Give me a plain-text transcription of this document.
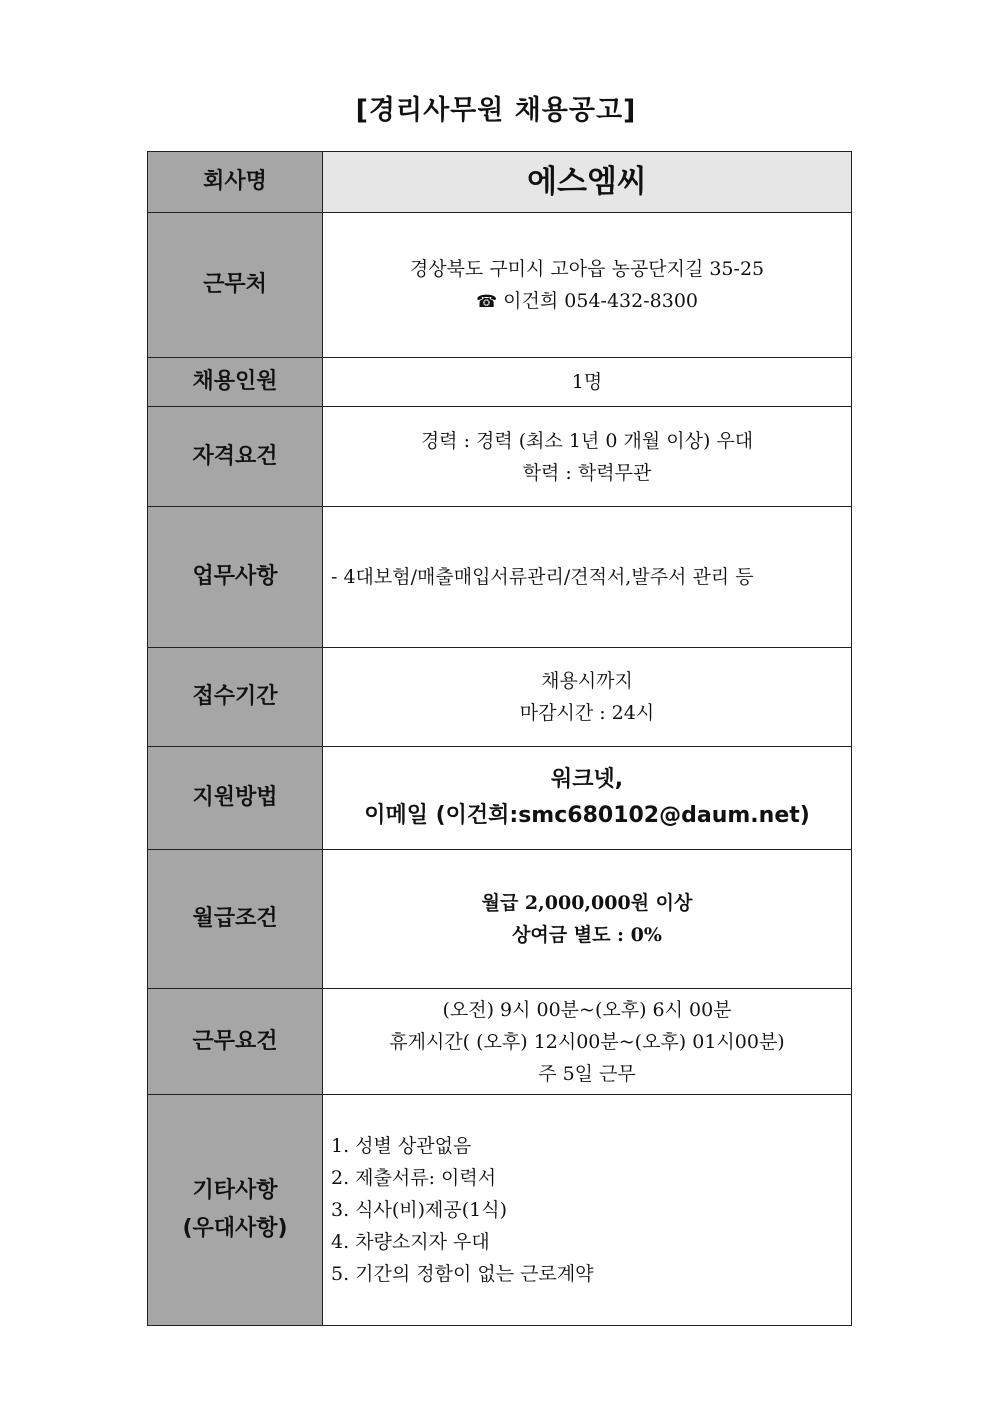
[경리사무원 채용공고]
회사명	에스엠씨
근무처	경상북도 구미시 고아읍 농공단지길 35-25
☎ 이건희 054-432-8300

채용인원	1명
자격요건	경력 : 경력 (최소 1년 0 개월 이상) 우대
학력 : 학력무관

업무사항	- 4대보험/매출매입서류관리/견적서,발주서 관리 등
접수기간	채용시까지
마감시간 : 24시

지원방법	워크넷,
이메일 (이건희:smc680102@daum.net)

월급조건	월급 2,000,000원 이상
상여금 별도 : 0%

근무요건	(오전) 9시 00분~(오후) 6시 00분
휴게시간( (오후) 12시00분~(오후) 01시00분)
주 5일 근무

기타사항
(우대사항)	1. 성별 상관없음
2. 제출서류: 이력서
3. 식사(비)제공(1식)
4. 차량소지자 우대
5. 기간의 정함이 없는 근로계약
